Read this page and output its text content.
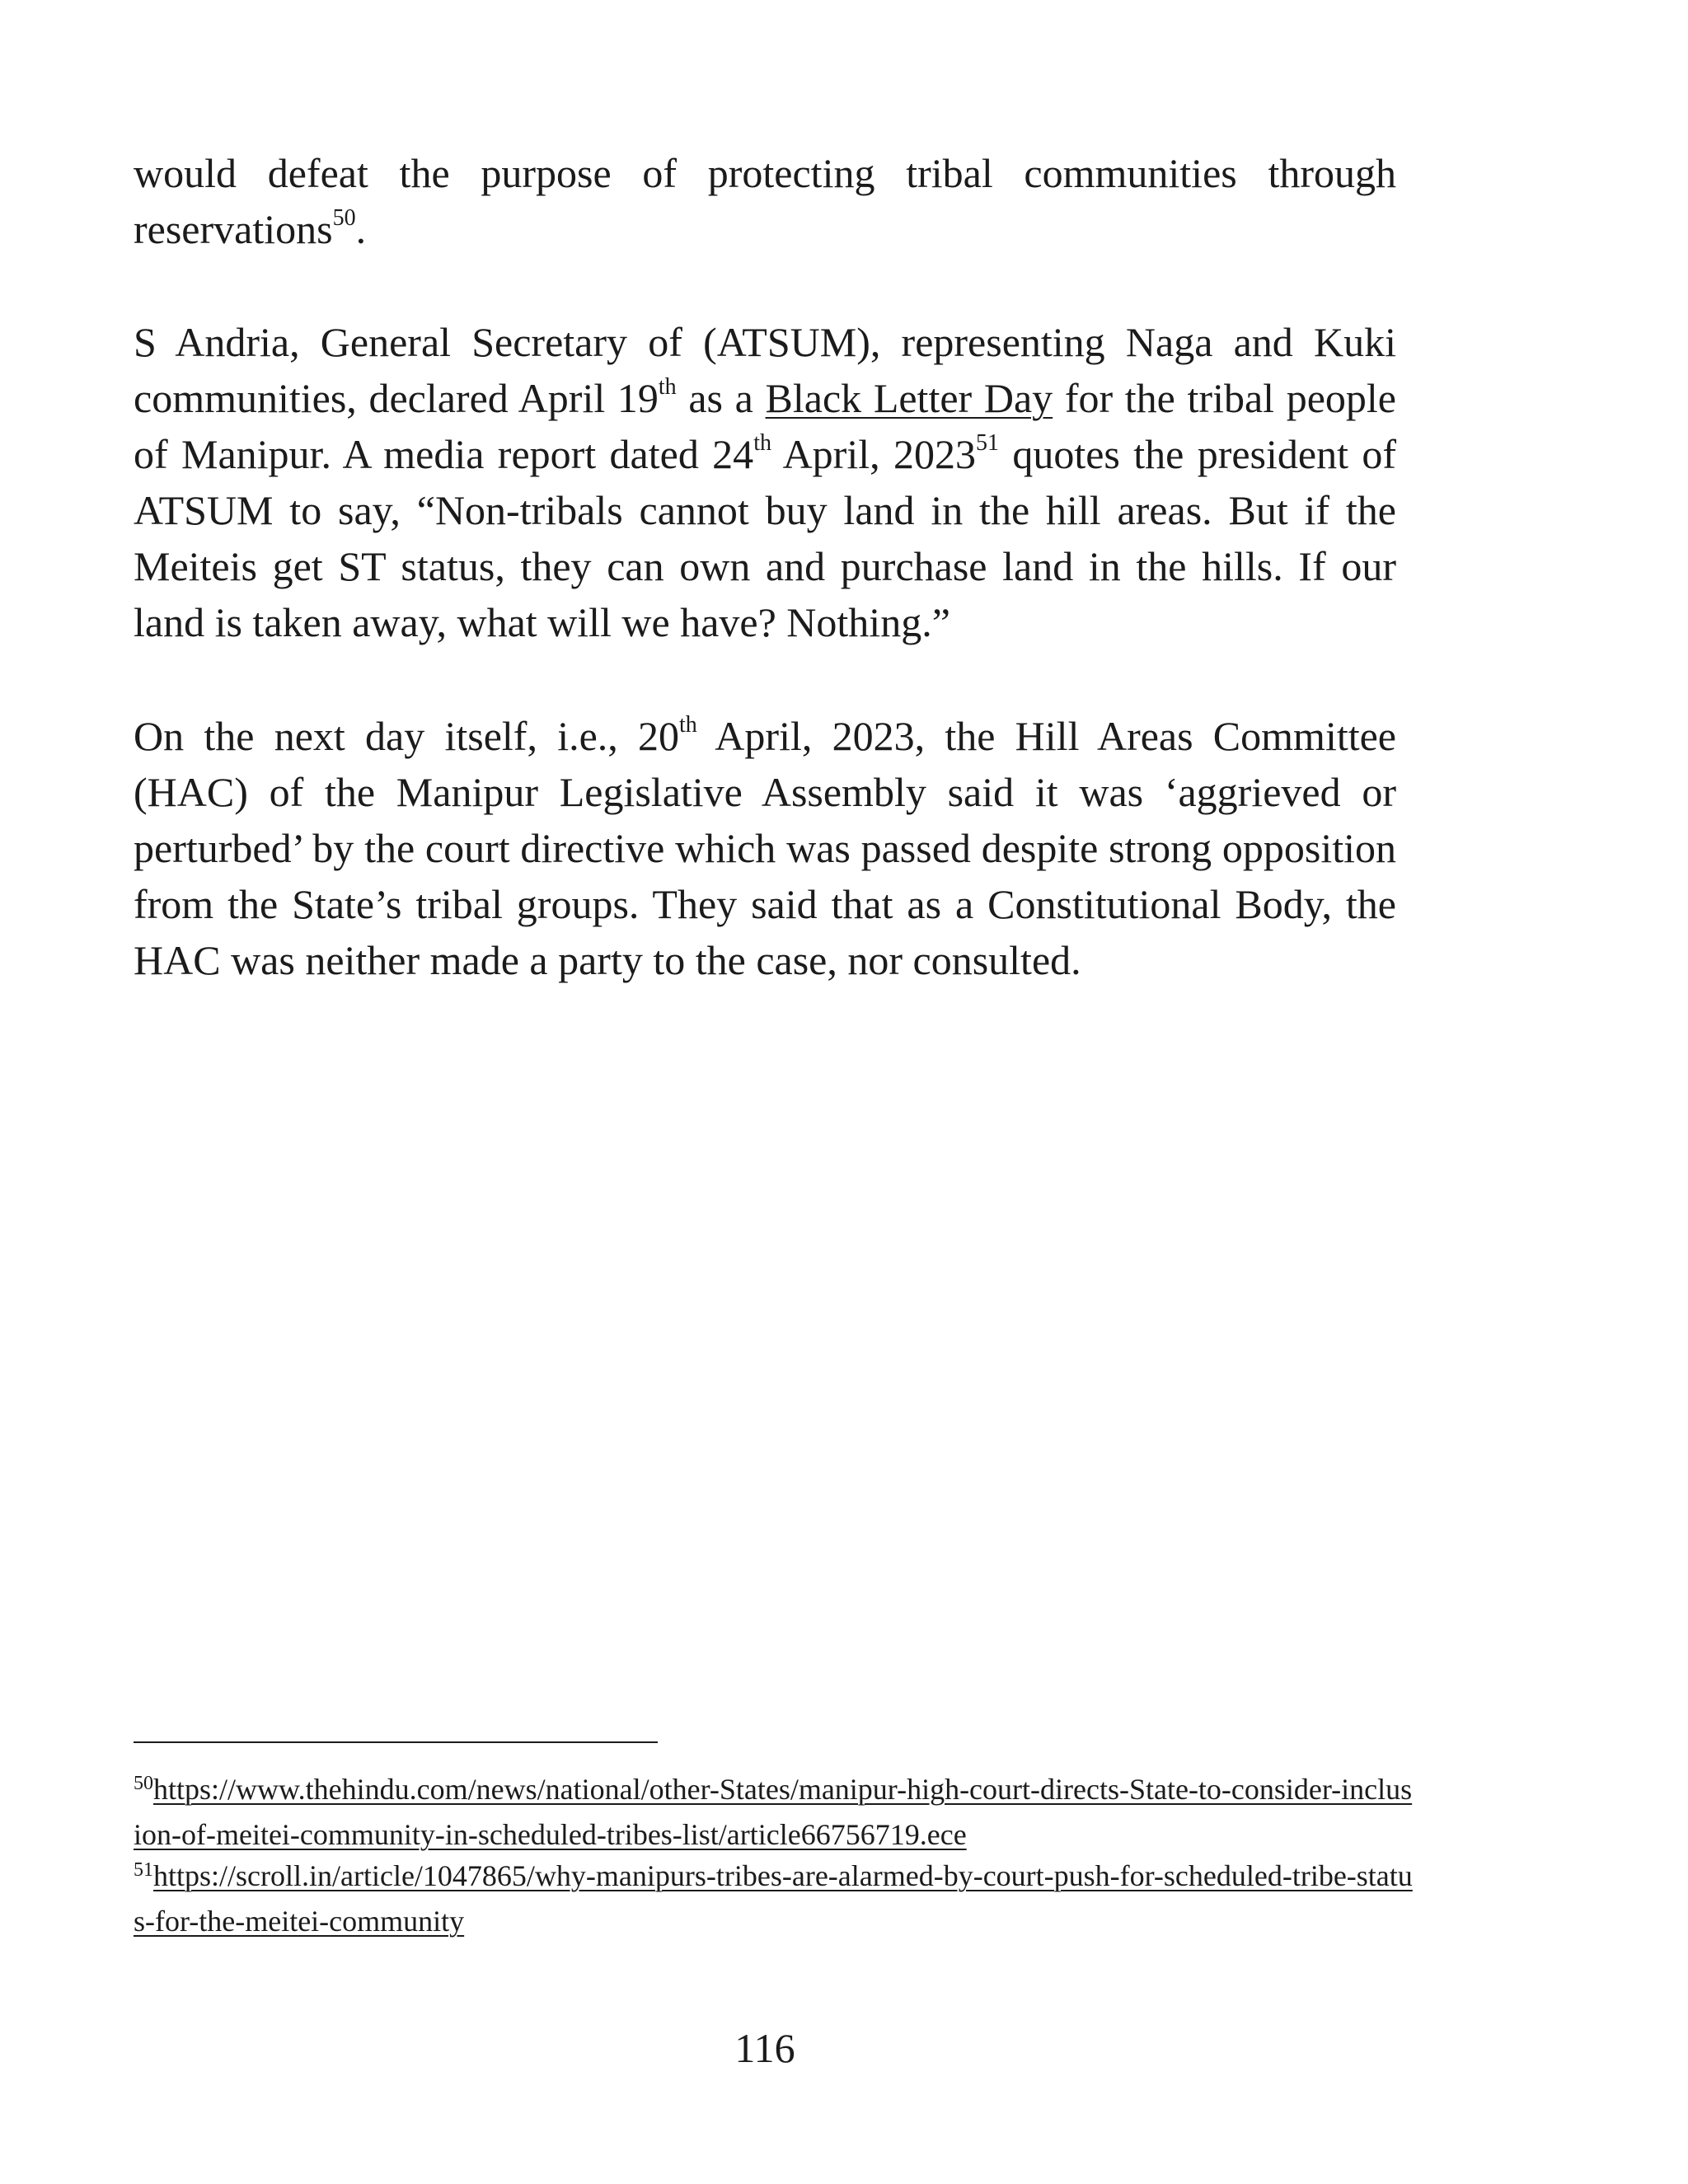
would defeat the purpose of protecting tribal communities through reservations$^{50}$.

S Andria, General Secretary of (ATSUM), representing Naga and Kuki communities, declared April 19th as a Black Letter Day for the tribal people of Manipur. A media report dated 24th April, 2023$^{51}$ quotes the president of ATSUM to say, “Non-tribals cannot buy land in the hill areas. But if the Meiteis get ST status, they can own and purchase land in the hills. If our land is taken away, what will we have? Nothing.”

On the next day itself, i.e., 20th April, 2023, the Hill Areas Committee (HAC) of the Manipur Legislative Assembly said it was ‘aggrieved or perturbed’ by the court directive which was passed despite strong opposition from the State’s tribal groups. They said that as a Constitutional Body, the HAC was neither made a party to the case, nor consulted.

$^{50}$https://www.thehindu.com/news/national/other-States/manipur-high-court-directs-State-to-consider-inclusion-of-meitei-community-in-scheduled-tribes-list/article66756719.ece

$^{51}$https://scroll.in/article/1047865/why-manipurs-tribes-are-alarmed-by-court-push-for-scheduled-tribe-status-for-the-meitei-community

116
